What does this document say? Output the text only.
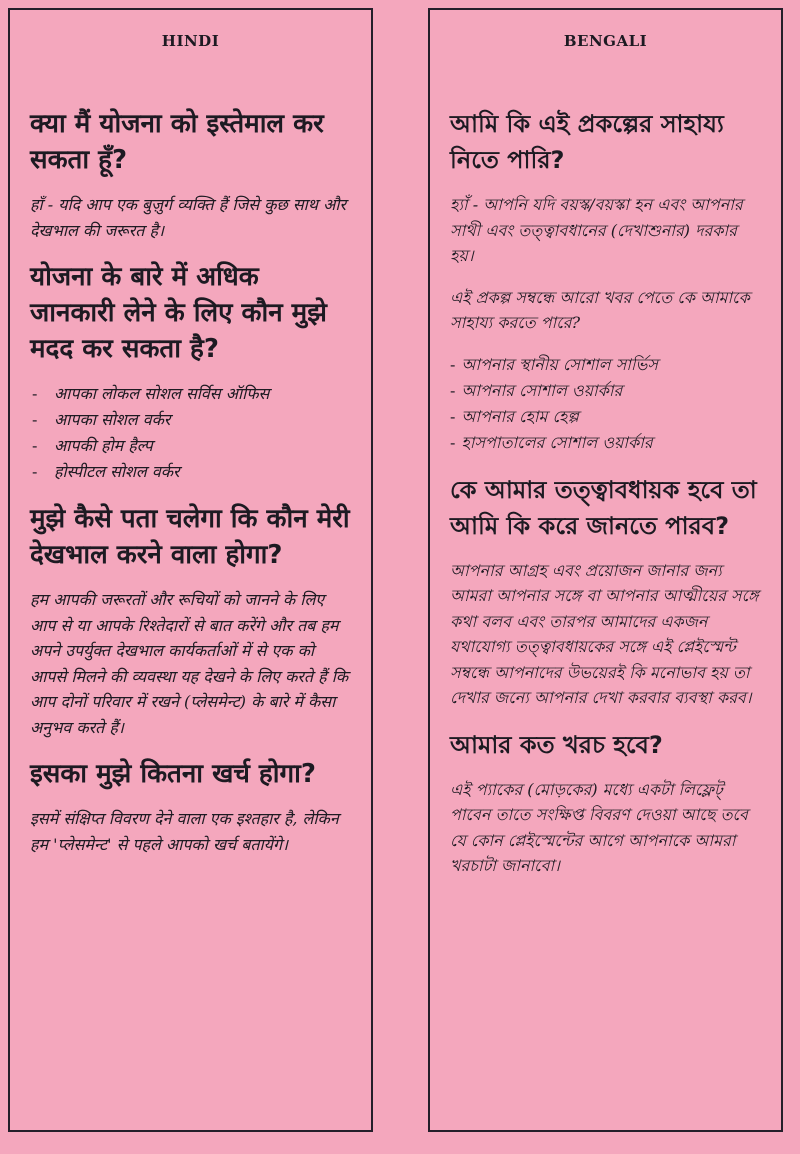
HINDI
क्या मैं योजना को इस्तेमाल कर सकता हूँ?

हाँ - यदि आप एक बुज़ुर्ग व्यक्ति हैं जिसे कुछ साथ और देखभाल की जरूरत है।

योजना के बारे में अधिक जानकारी लेने के लिए कौन मुझे मदद कर सकता है?
- आपका लोकल सोशल सर्विस ऑफिस
- आपका सोशल वर्कर
- आपकी होम हैल्प
- होस्पीटल सोशल वर्कर
मुझे कैसे पता चलेगा कि कौन मेरी देखभाल करने वाला होगा?

हम आपकी जरूरतों और रूचियों को जानने के लिए आप से या आपके रिश्तेदारों से बात करेंगे और तब हम अपने उपर्युक्त देखभाल कार्यकर्ताओं में से एक को आपसे मिलने की व्यवस्था यह देखने के लिए करते हैं कि आप दोनों परिवार में रखने (प्लेसमेन्ट) के बारे में कैसा अनुभव करते हैं।

इसका मुझे कितना खर्च होगा?

इसमें संक्षिप्त विवरण देने वाला एक इश्तहार है, लेकिन हम 'प्लेसमेन्ट' से पहले आपको खर्च बतायेंगे।

BENGALI
আমি কি এই প্রকল্পের সাহায্য নিতে পারি?

হ্যাঁ - আপনি যদি বয়স্ক/বয়স্কা হন এবং আপনার সাথী এবং তত্ত্বাবধানের (দেখাশুনার) দরকার হয়।

এই প্রকল্প সম্বন্ধে আরো খবর পেতে কে আমাকে সাহায্য করতে পারে?

- আপনার স্থানীয় সোশাল সার্ভিস
- আপনার সোশাল ওয়ার্কার
- আপনার হোম হেল্প
- হাসপাতালের সোশাল ওয়ার্কার
কে আমার তত্ত্বাবধায়ক হবে তা আমি কি করে জানতে পারব?

আপনার আগ্রহ এবং প্রয়োজন জানার জন্য আমরা আপনার সঙ্গে বা আপনার আত্মীয়ের সঙ্গে কথা বলব এবং তারপর আমাদের একজন যথাযোগ্য তত্ত্বাবধায়কের সঙ্গে এই প্লেইস্মেন্ট সম্বন্ধে আপনাদের উভয়েরই কি মনোভাব হয় তা দেখার জন্যে আপনার দেখা করবার ব্যবস্থা করব।

আমার কত খরচ হবে?

এই প্যাকের (মোড়কের) মধ্যে একটা লিফ্লেট্ পাবেন তাতে সংক্ষিপ্ত বিবরণ দেওয়া আছে তবে যে কোন প্লেইস্মেন্টের আগে আপনাকে আমরা খরচাটা জানাবো।
